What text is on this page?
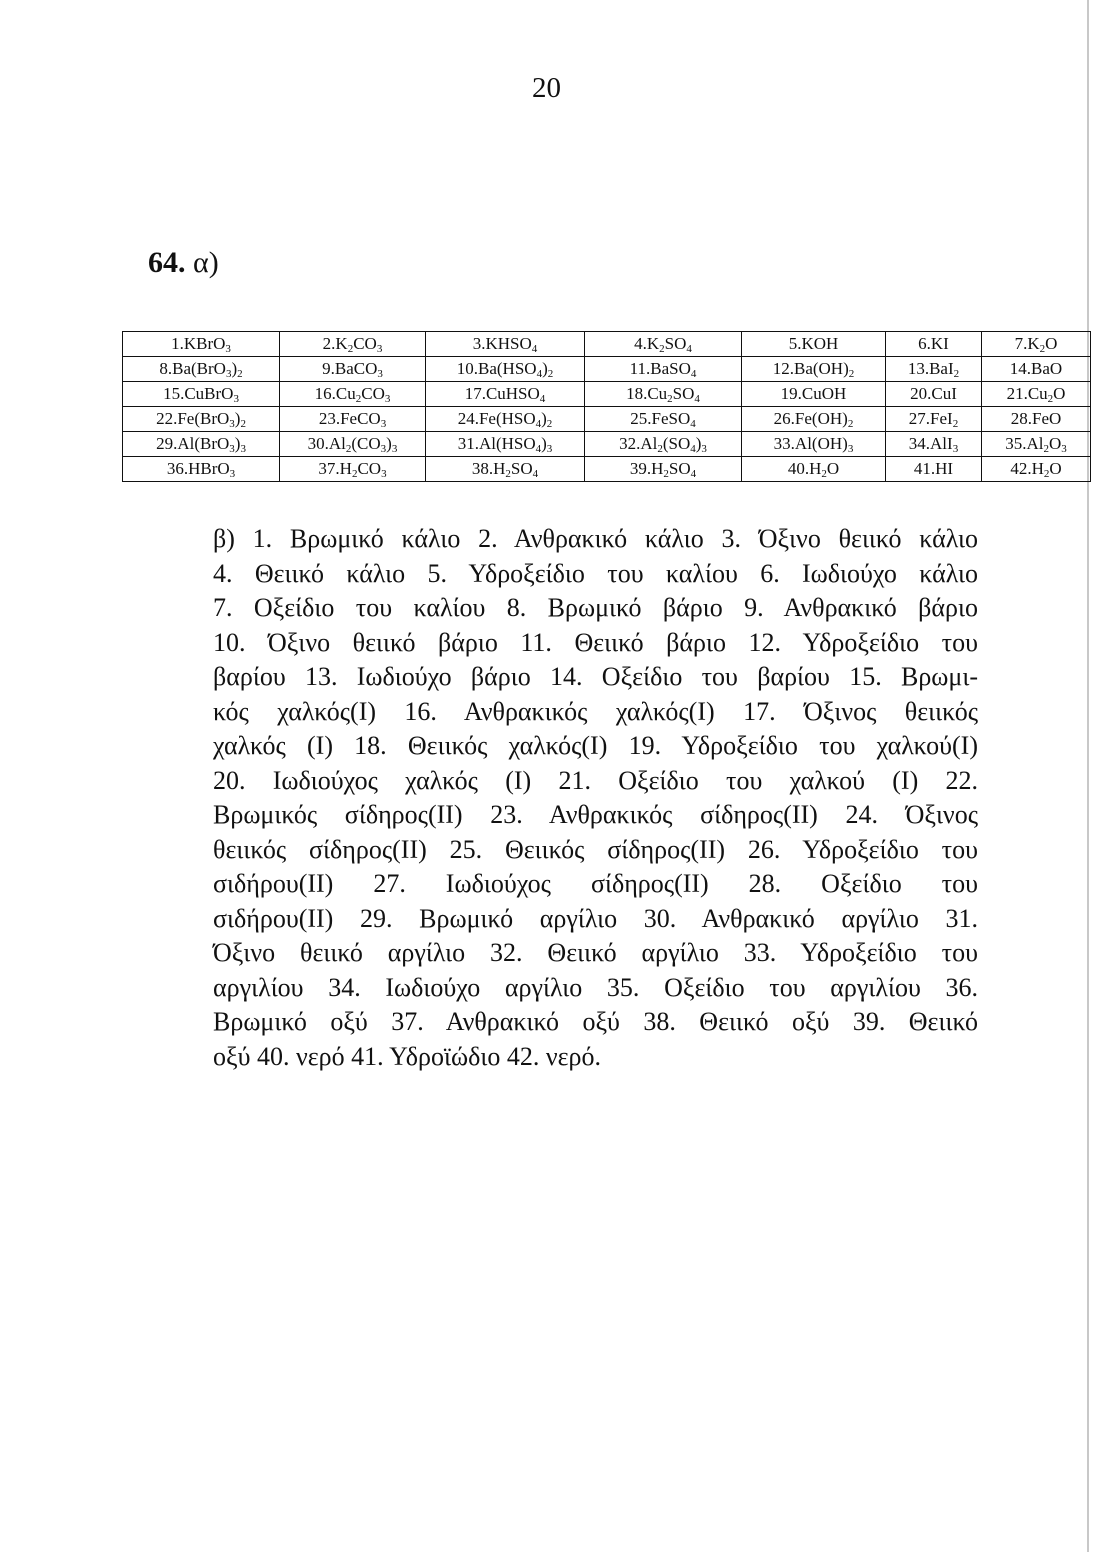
20
64. α)
1.KBrO$_3$	$2.K_2CO_3$	$3.KHSO_4$	$4.K_2SO_4$	5.KOH	6.KI	$7.K_2O$
$8.Ba(BrO_3)_2$	9.BaCO$_3$	$10.Ba(HSO_4)_2$	11.BaSO$_4$	$12.Ba(OH)_2$	13.BaI$_2$	14.BaO
15.CuBrO$_3$	$16.Cu_2CO_3$	17.CuHSO$_4$	$18.Cu_2SO_4$	19.CuOH	20.CuI	$21.Cu_2O$
$22.Fe(BrO_3)_2$	23.FeCO$_3$	$24.Fe(HSO_4)_2$	25.FeSO$_4$	$26.Fe(OH)_2$	27.FeI$_2$	28.FeO
$29.Al(BrO_3)_3$	$30.Al_2(CO_3)_3$	$31.Al(HSO_4)_3$	$32.Al_2(SO_4)_3$	$33.Al(OH)_3$	34.AlI$_3$	$35.Al_2O_3$
36.HBrO$_3$	$37.H_2CO_3$	$38.H_2SO_4$	$39.H_2SO_4$	$40.H_2O$	41.HI	$42.H_2O$
β) 1. Βρωμικό κάλιο 2. Ανθρακικό κάλιο 3. Όξινο θειικό κάλιο
4. Θειικό κάλιο 5. Υδροξείδιο του καλίου 6. Ιωδιούχο κάλιο
7. Οξείδιο του καλίου 8. Βρωμικό βάριο 9. Ανθρακικό βάριο
10. Όξινο θειικό βάριο 11. Θειικό βάριο 12. Υδροξείδιο του
βαρίου 13. Ιωδιούχο βάριο 14. Οξείδιο του βαρίου 15. Βρωμι-
κός χαλκός(Ι) 16. Ανθρακικός χαλκός(Ι) 17. Όξινος θειικός
χαλκός (Ι) 18. Θειικός χαλκός(Ι) 19. Υδροξείδιο του χαλκού(Ι)
20. Ιωδιούχος χαλκός (Ι) 21. Οξείδιο του χαλκού (Ι) 22.
Βρωμικός σίδηρος(ΙΙ) 23. Ανθρακικός σίδηρος(ΙΙ) 24. Όξινος
θειικός σίδηρος(ΙΙ) 25. Θειικός σίδηρος(ΙΙ) 26. Υδροξείδιο του
σιδήρου(ΙΙ) 27. Ιωδιούχος σίδηρος(ΙΙ) 28. Οξείδιο του
σιδήρου(ΙΙ) 29. Βρωμικό αργίλιο 30. Ανθρακικό αργίλιο 31.
Όξινο θειικό αργίλιο 32. Θειικό αργίλιο 33. Υδροξείδιο του
αργιλίου 34. Ιωδιούχο αργίλιο 35. Οξείδιο του αργιλίου 36.
Βρωμικό οξύ 37. Ανθρακικό οξύ 38. Θειικό οξύ 39. Θειικό
οξύ 40. νερό 41. Υδροϊώδιο 42. νερό.
